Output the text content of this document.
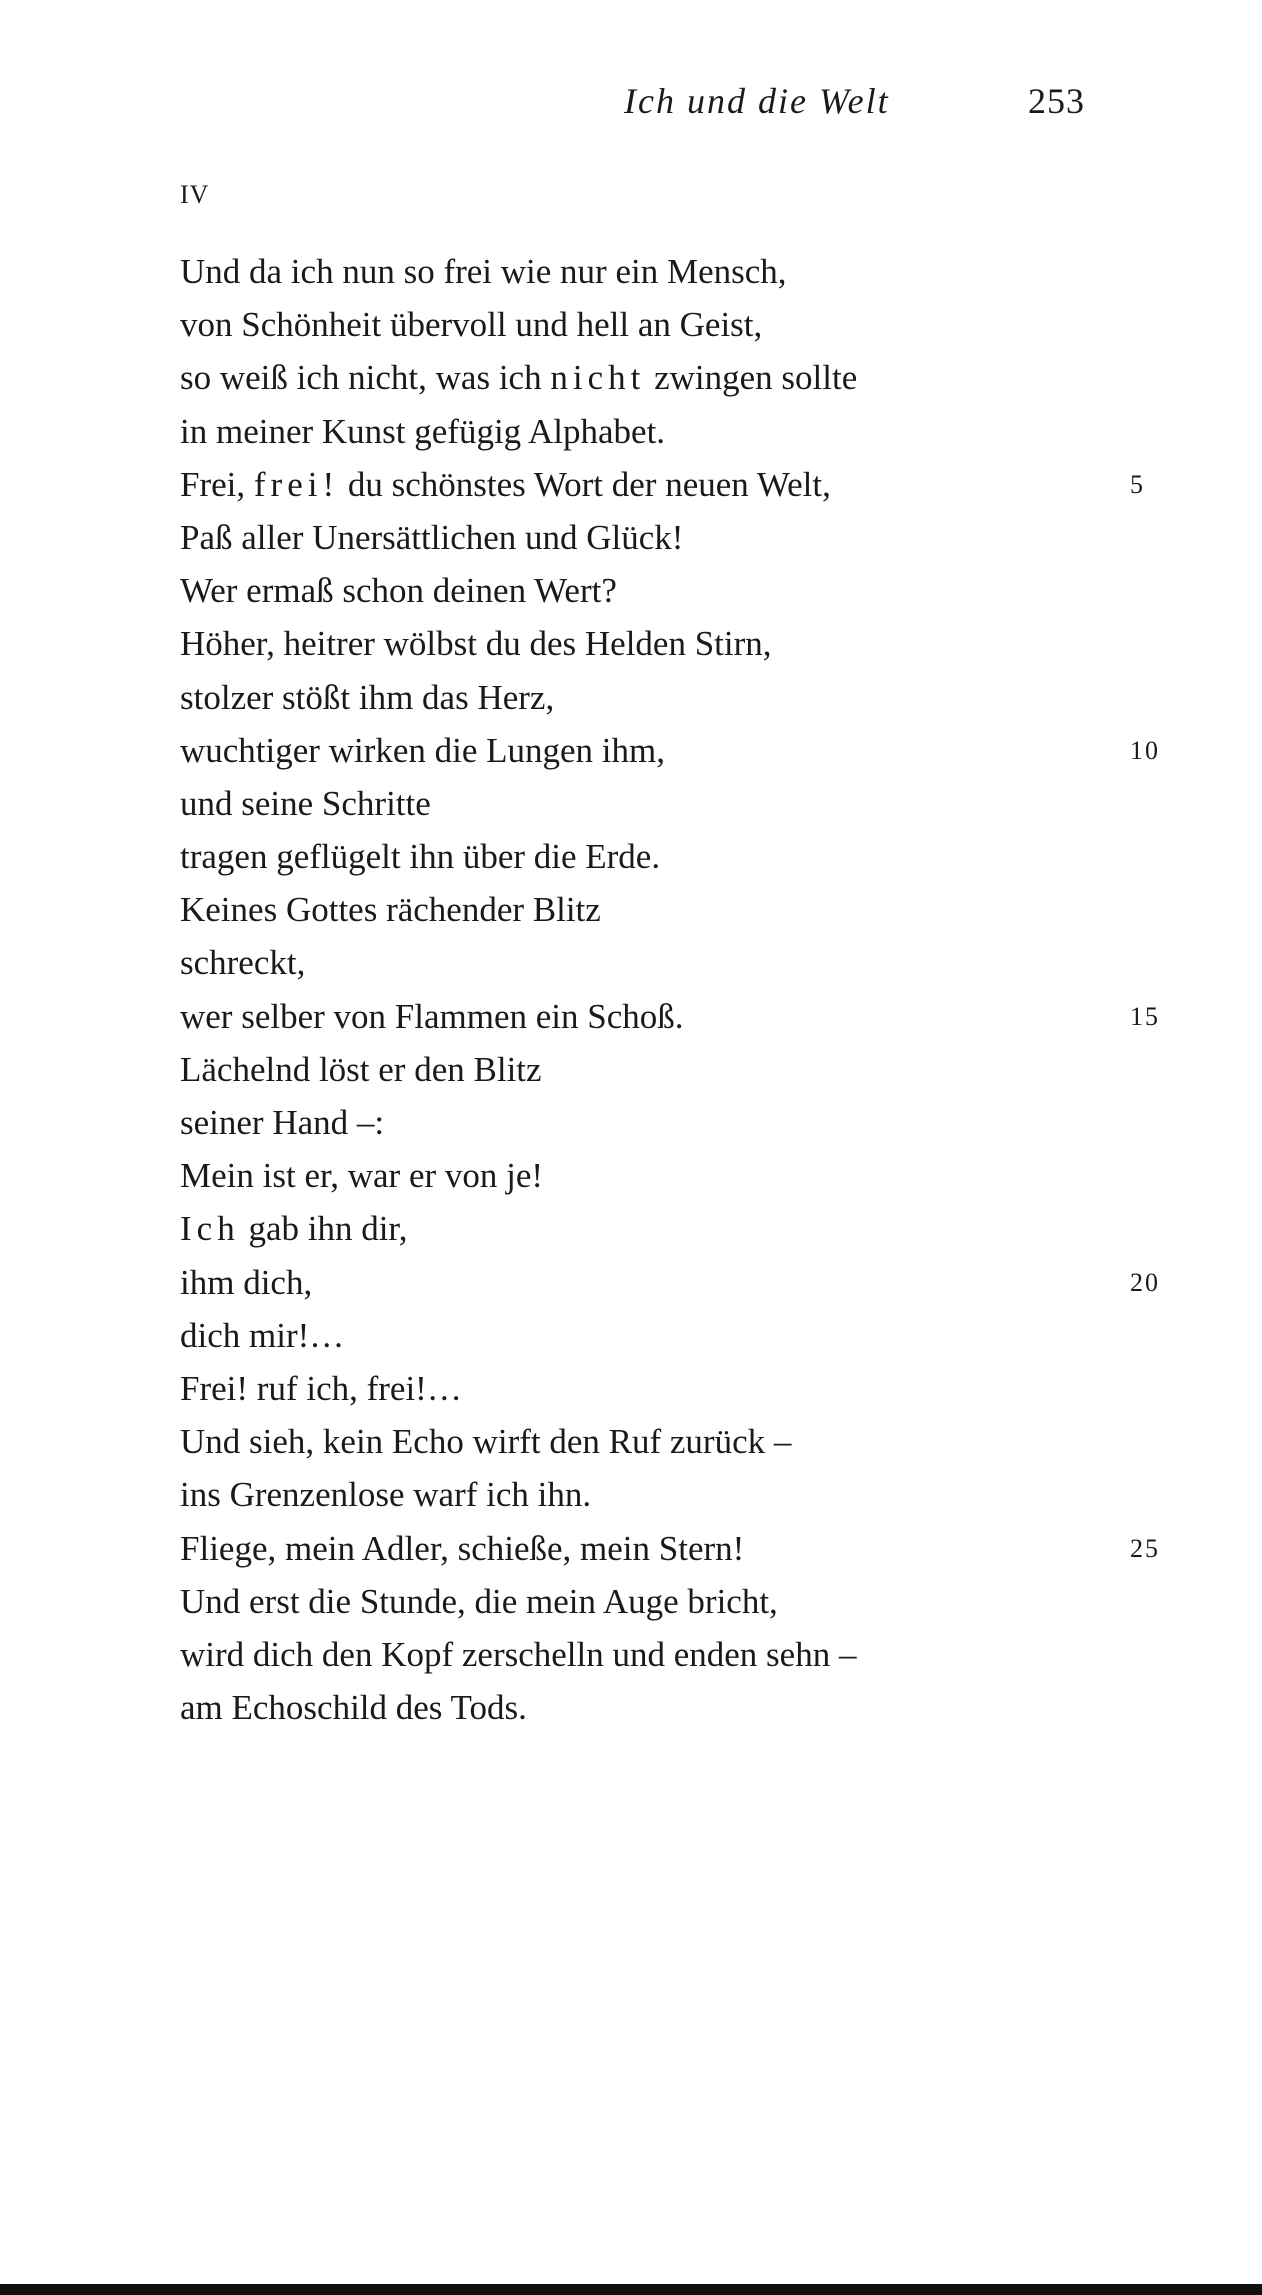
Ich und die Welt	253
IV
Und da ich nun so frei wie nur ein Mensch,
von Schönheit übervoll und hell an Geist,
so weiß ich nicht, was ich nicht zwingen sollte
in meiner Kunst gefügig Alphabet.
Frei, frei! du schönstes Wort der neuen Welt,	5
Paß aller Unersättlichen und Glück!
Wer ermaß schon deinen Wert?
Höher, heitrer wölbst du des Helden Stirn,
stolzer stößt ihm das Herz,
wuchtiger wirken die Lungen ihm,	10
und seine Schritte
tragen geflügelt ihn über die Erde.
Keines Gottes rächender Blitz
schreckt,
wer selber von Flammen ein Schoß.	15
Lächelnd löst er den Blitz
seiner Hand –:
Mein ist er, war er von je!
Ich gab ihn dir,
ihm dich,	20
dich mir!…
Frei! ruf ich, frei!…
Und sieh, kein Echo wirft den Ruf zurück –
ins Grenzenlose warf ich ihn.
Fliege, mein Adler, schieße, mein Stern!	25
Und erst die Stunde, die mein Auge bricht,
wird dich den Kopf zerschelln und enden sehn –
am Echoschild des Tods.
